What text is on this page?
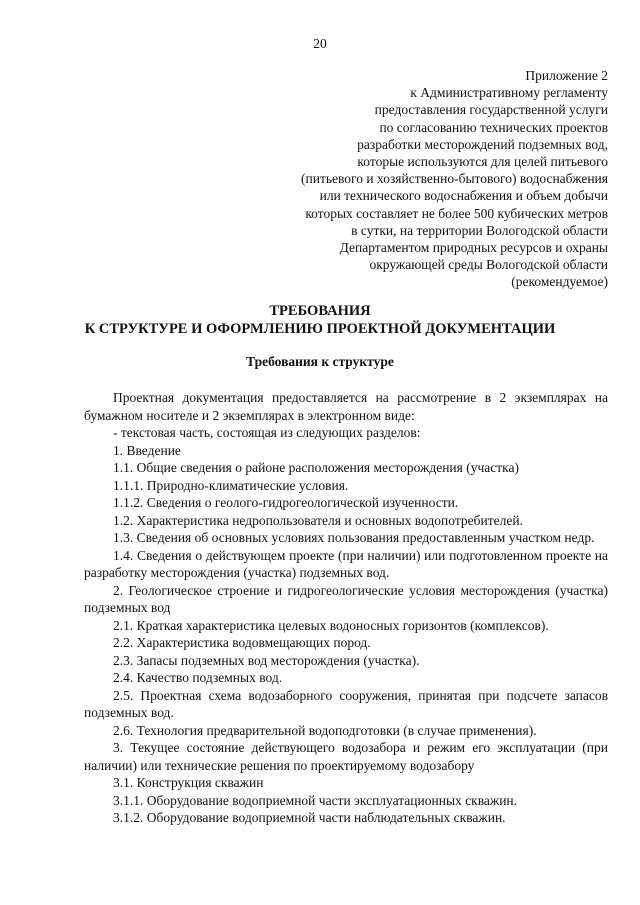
20
Приложение 2
к Административному регламенту
предоставления государственной услуги
по согласованию технических проектов
разработки месторождений подземных вод,
которые используются для целей питьевого
(питьевого и хозяйственно-бытового) водоснабжения
или технического водоснабжения и объем добычи
которых составляет не более 500 кубических метров
в сутки, на территории Вологодской области
Департаментом природных ресурсов и охраны
окружающей среды Вологодской области
(рекомендуемое)
ТРЕБОВАНИЯ
К СТРУКТУРЕ И ОФОРМЛЕНИЮ ПРОЕКТНОЙ ДОКУМЕНТАЦИИ
Требования к структуре

Проектная документация предоставляется на рассмотрение в 2 экземплярах на бумажном носителе и 2 экземплярах в электронном виде:

- текстовая часть, состоящая из следующих разделов:

1. Введение

1.1. Общие сведения о районе расположения месторождения (участка)

1.1.1. Природно-климатические условия.

1.1.2. Сведения о геолого-гидрогеологической изученности.

1.2. Характеристика недропользователя и основных водопотребителей.

1.3. Сведения об основных условиях пользования предоставленным участком недр.

1.4. Сведения о действующем проекте (при наличии) или подготовленном проекте на разработку месторождения (участка) подземных вод.

2. Геологическое строение и гидрогеологические условия месторождения (участка) подземных вод

2.1. Краткая характеристика целевых водоносных горизонтов (комплексов).

2.2. Характеристика водовмещающих пород.

2.3. Запасы подземных вод месторождения (участка).

2.4. Качество подземных вод.

2.5. Проектная схема водозаборного сооружения, принятая при подсчете запасов подземных вод.

2.6. Технология предварительной водоподготовки (в случае применения).

3. Текущее состояние действующего водозабора и режим его эксплуатации (при наличии) или технические решения по проектируемому водозабору

3.1. Конструкция скважин

3.1.1. Оборудование водоприемной части эксплуатационных скважин.

3.1.2. Оборудование водоприемной части наблюдательных скважин.
